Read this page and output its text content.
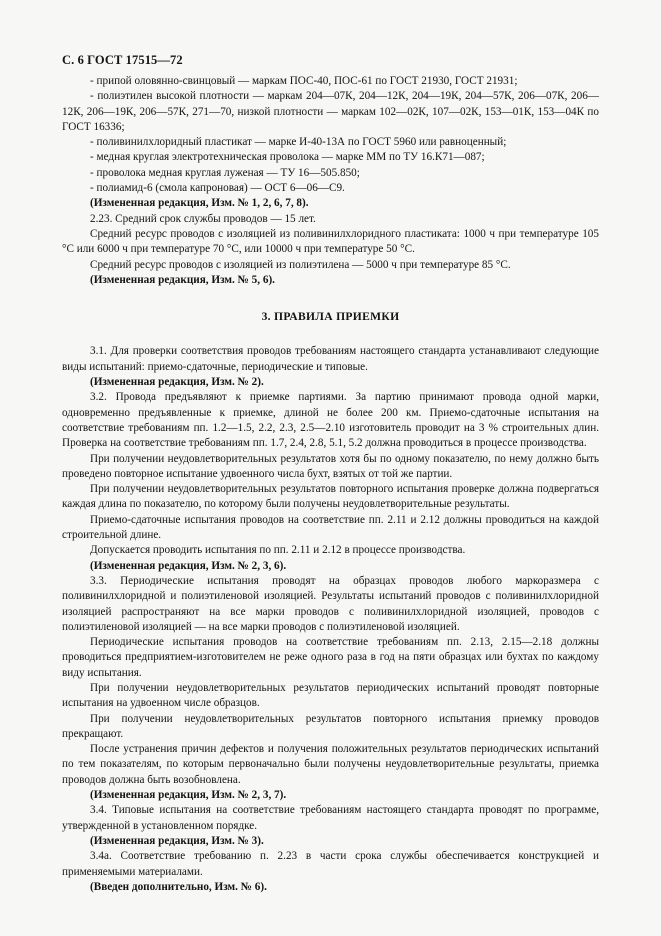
С. 6 ГОСТ 17515—72

- припой оловянно-свинцовый — маркам ПОС-40, ПОС-61 по ГОСТ 21930, ГОСТ 21931;

- полиэтилен высокой плотности — маркам 204—07К, 204—12К, 204—19К, 204—57К, 206—07К, 206—12К, 206—19К, 206—57К, 271—70, низкой плотности — маркам 102—02К, 107—02К, 153—01К, 153—04К по ГОСТ 16336;

- поливинилхлоридный пластикат — марке И-40-13А по ГОСТ 5960 или равноценный;

- медная круглая электротехническая проволока — марке ММ по ТУ 16.К71—087;

- проволока медная круглая луженая — ТУ 16—505.850;

- полиамид-6 (смола капроновая) — ОСТ 6—06—С9.

(Измененная редакция, Изм. № 1, 2, 6, 7, 8).

2.23. Средний срок службы проводов — 15 лет.

Средний ресурс проводов с изоляцией из поливинилхлоридного пластиката: 1000 ч при температуре 105 °С или 6000 ч при температуре 70 °С, или 10000 ч при температуре 50 °С.

Средний ресурс проводов с изоляцией из полиэтилена — 5000 ч при температуре 85 °С.

(Измененная редакция, Изм. № 5, 6).

3. ПРАВИЛА ПРИЕМКИ

3.1. Для проверки соответствия проводов требованиям настоящего стандарта устанавливают следующие виды испытаний: приемо-сдаточные, периодические и типовые.

(Измененная редакция, Изм. № 2).

3.2. Провода предъявляют к приемке партиями. За партию принимают провода одной марки, одновременно предъявленные к приемке, длиной не более 200 км. Приемо-сдаточные испытания на соответствие требованиям пп. 1.2—1.5, 2.2, 2.3, 2.5—2.10 изготовитель проводит на 3 % строительных длин. Проверка на соответствие требованиям пп. 1.7, 2.4, 2.8, 5.1, 5.2 должна проводиться в процессе производства.

При получении неудовлетворительных результатов хотя бы по одному показателю, по нему должно быть проведено повторное испытание удвоенного числа бухт, взятых от той же партии.

При получении неудовлетворительных результатов повторного испытания проверке должна подвергаться каждая длина по показателю, по которому были получены неудовлетворительные результаты.

Приемо-сдаточные испытания проводов на соответствие пп. 2.11 и 2.12 должны проводиться на каждой строительной длине.

Допускается проводить испытания по пп. 2.11 и 2.12 в процессе производства.

(Измененная редакция, Изм. № 2, 3, 6).

3.3. Периодические испытания проводят на образцах проводов любого маркоразмера с поливинилхлоридной и полиэтиленовой изоляцией. Результаты испытаний проводов с поливинилхлоридной изоляцией распространяют на все марки проводов с поливинилхлоридной изоляцией, проводов с полиэтиленовой изоляцией — на все марки проводов с полиэтиленовой изоляцией.

Периодические испытания проводов на соответствие требованиям пп. 2.13, 2.15—2.18 должны проводиться предприятием-изготовителем не реже одного раза в год на пяти образцах или бухтах по каждому виду испытания.

При получении неудовлетворительных результатов периодических испытаний проводят повторные испытания на удвоенном числе образцов.

При получении неудовлетворительных результатов повторного испытания приемку проводов прекращают.

После устранения причин дефектов и получения положительных результатов периодических испытаний по тем показателям, по которым первоначально были получены неудовлетворительные результаты, приемка проводов должна быть возобновлена.

(Измененная редакция, Изм. № 2, 3, 7).

3.4. Типовые испытания на соответствие требованиям настоящего стандарта проводят по программе, утвержденной в установленном порядке.

(Измененная редакция, Изм. № 3).

3.4а. Соответствие требованию п. 2.23 в части срока службы обеспечивается конструкцией и применяемыми материалами.

(Введен дополнительно, Изм. № 6).
